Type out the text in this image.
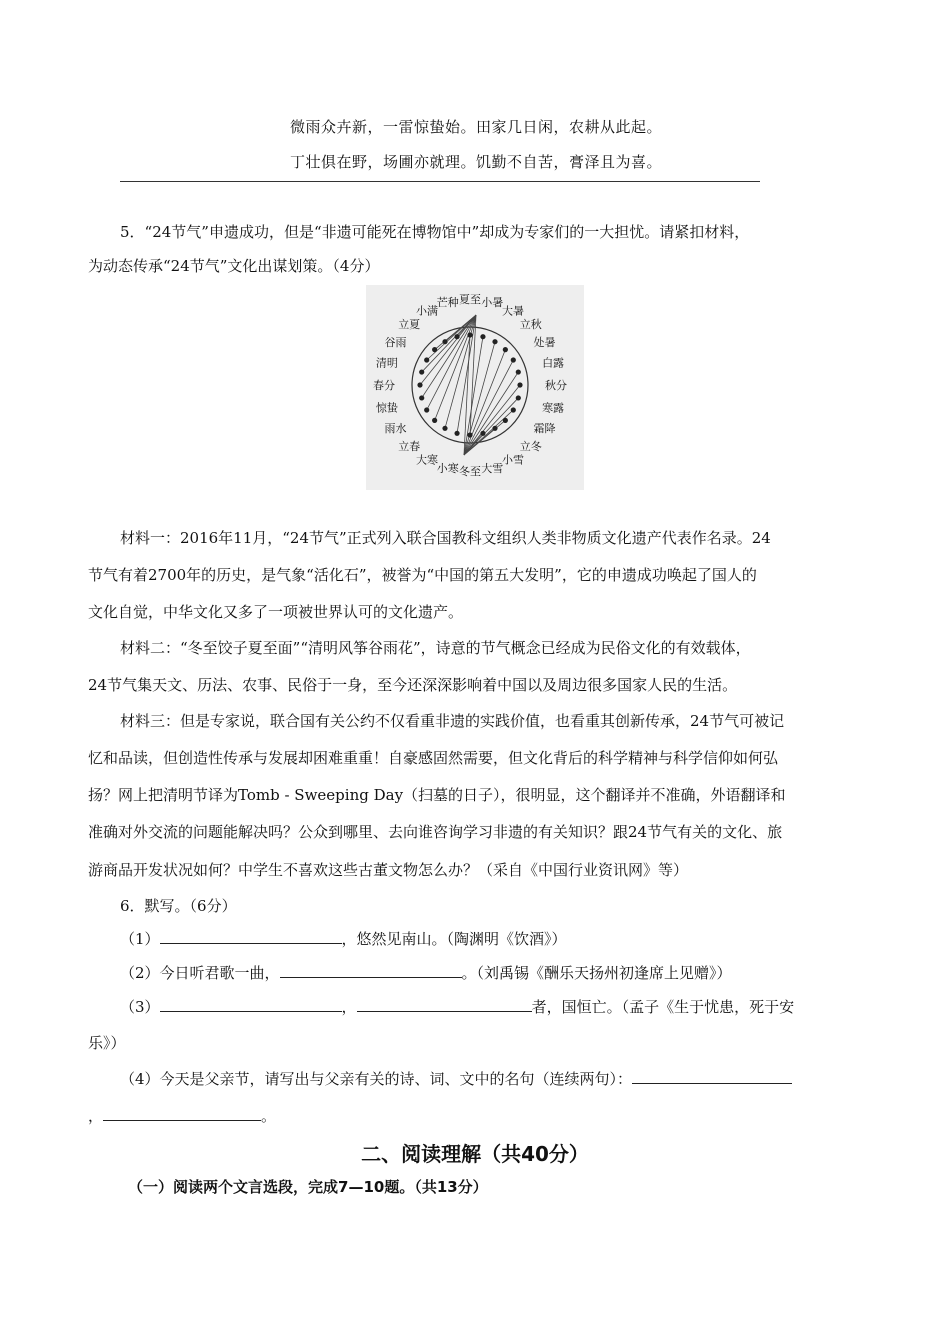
微雨众卉新，一雷惊蛰始。田家几日闲，农耕从此起。
丁壮俱在野，场圃亦就理。饥勤不自苦，膏泽且为喜。
5．“24节气”申遗成功，但是“非遗可能死在博物馆中”却成为专家们的一大担忧。请紧扣材料，
为动态传承“24节气”文化出谋划策。（4分）
夏至 小暑
大暑
立秋
处暑
白露
秋分
寒露
霜降
立冬
小雪
大雪
冬至
小寒
大寒
立春
雨水
惊蛰
春分
清明
谷雨
立夏
小满
芒种
材料一：2016年11月，“24节气”正式列入联合国教科文组织人类非物质文化遗产代表作名录。24
节气有着2700年的历史，是气象“活化石”，被誉为“中国的第五大发明”，它的申遗成功唤起了国人的
文化自觉，中华文化又多了一项被世界认可的文化遗产。
材料二：“冬至饺子夏至面”“清明风筝谷雨花”，诗意的节气概念已经成为民俗文化的有效载体，
24节气集天文、历法、农事、民俗于一身，至今还深深影响着中国以及周边很多国家人民的生活。
材料三：但是专家说，联合国有关公约不仅看重非遗的实践价值，也看重其创新传承，24节气可被记
忆和品读，但创造性传承与发展却困难重重！自豪感固然需要，但文化背后的科学精神与科学信仰如何弘
扬？网上把清明节译为Tomb - Sweeping Day（扫墓的日子），很明显，这个翻译并不准确，外语翻译和
准确对外交流的问题能解决吗？公众到哪里、去向谁咨询学习非遗的有关知识？跟24节气有关的文化、旅
游商品开发状况如何？中学生不喜欢这些古董文物怎么办？（采自《中国行业资讯网》等）
6．默写。（6分）
（1）	，悠然见南山。（陶渊明《饮酒》）
（2）今日听君歌一曲，	。（刘禹锡《酬乐天扬州初逢席上见赠》）
（3）	，	者，国恒亡。（孟子《生于忧患，死于安
乐》）
（4）今天是父亲节，请写出与父亲有关的诗、词、文中的名句（连续两句）：
，	。
二、阅读理解（共40分）
（一）阅读两个文言选段，完成7—10题。（共13分）
